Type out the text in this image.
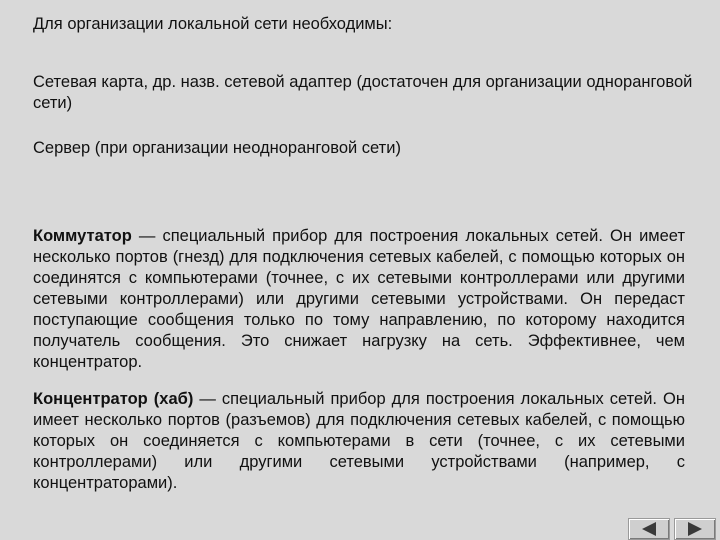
Для организации локальной сети необходимы:

Сетевая карта, др. назв. сетевой адаптер (достаточен для организации одноранговой сети)

Сервер (при организации неодноранговой сети)

Коммутатор — специальный прибор для построения локальных сетей. Он имеет несколько портов (гнезд) для подключения сетевых кабелей, с помощью которых он соединятся с компьютерами (точнее, с их сетевыми контроллерами или другими сетевыми контроллерами) или другими сетевыми устройствами. Он передаст поступающие сообщения только по тому направлению, по которому находится получатель сообщения. Это снижает нагрузку на сеть. Эффективнее, чем концентратор.

Концентратор (хаб) — специальный прибор для построения локальных сетей. Он имеет несколько портов (разъемов) для подключения сетевых кабелей, с помощью которых он соединяется с компьютерами в сети (точнее, с их сетевыми контроллерами) или другими сетевыми устройствами (например, с концентраторами).
